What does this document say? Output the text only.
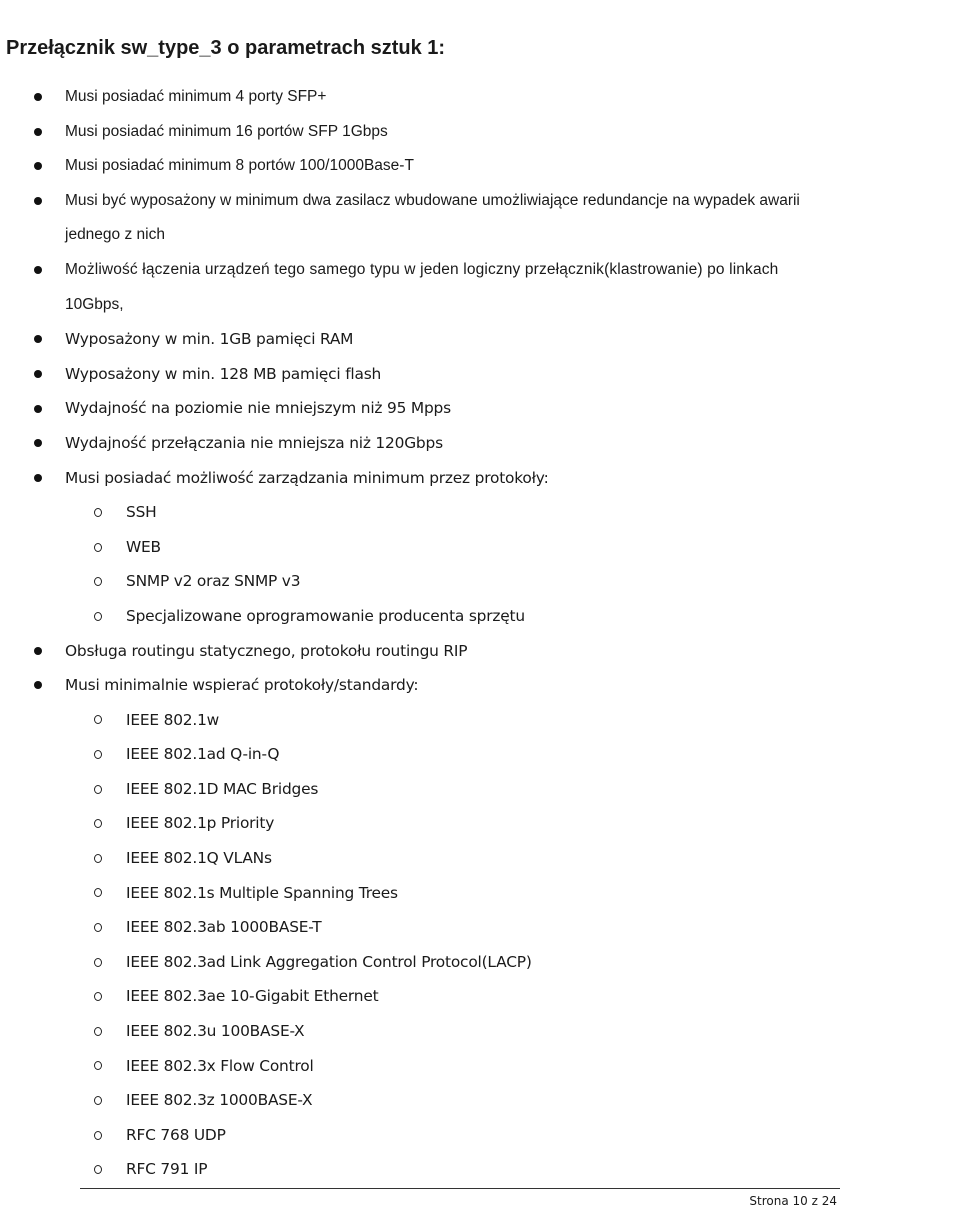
Przełącznik sw_type_3 o parametrach sztuk 1:
Musi posiadać minimum 4 porty SFP+
Musi posiadać minimum 16 portów SFP 1Gbps
Musi posiadać minimum 8 portów 100/1000Base-T
Musi być wyposażony w minimum dwa zasilacz wbudowane umożliwiające redundancje na wypadek awarii
jednego z nich
Możliwość łączenia urządzeń tego samego typu w jeden logiczny przełącznik(klastrowanie) po linkach
10Gbps,
Wyposażony w min. 1GB pamięci RAM
Wyposażony w min. 128 MB pamięci flash
Wydajność na poziomie nie mniejszym niż 95 Mpps
Wydajność przełączania nie mniejsza niż 120Gbps
Musi posiadać możliwość zarządzania minimum przez protokoły:
SSH
WEB
SNMP v2 oraz SNMP v3
Specjalizowane oprogramowanie producenta sprzętu
Obsługa routingu statycznego, protokołu routingu RIP
Musi minimalnie wspierać protokoły/standardy:
IEEE 802.1w
IEEE 802.1ad Q-in-Q
IEEE 802.1D MAC Bridges
IEEE 802.1p Priority
IEEE 802.1Q VLANs
IEEE 802.1s Multiple Spanning Trees
IEEE 802.3ab 1000BASE-T
IEEE 802.3ad Link Aggregation Control Protocol(LACP)
IEEE 802.3ae 10-Gigabit Ethernet
IEEE 802.3u 100BASE-X
IEEE 802.3x Flow Control
IEEE 802.3z 1000BASE-X
RFC 768 UDP
RFC 791 IP
Strona 10 z 24
